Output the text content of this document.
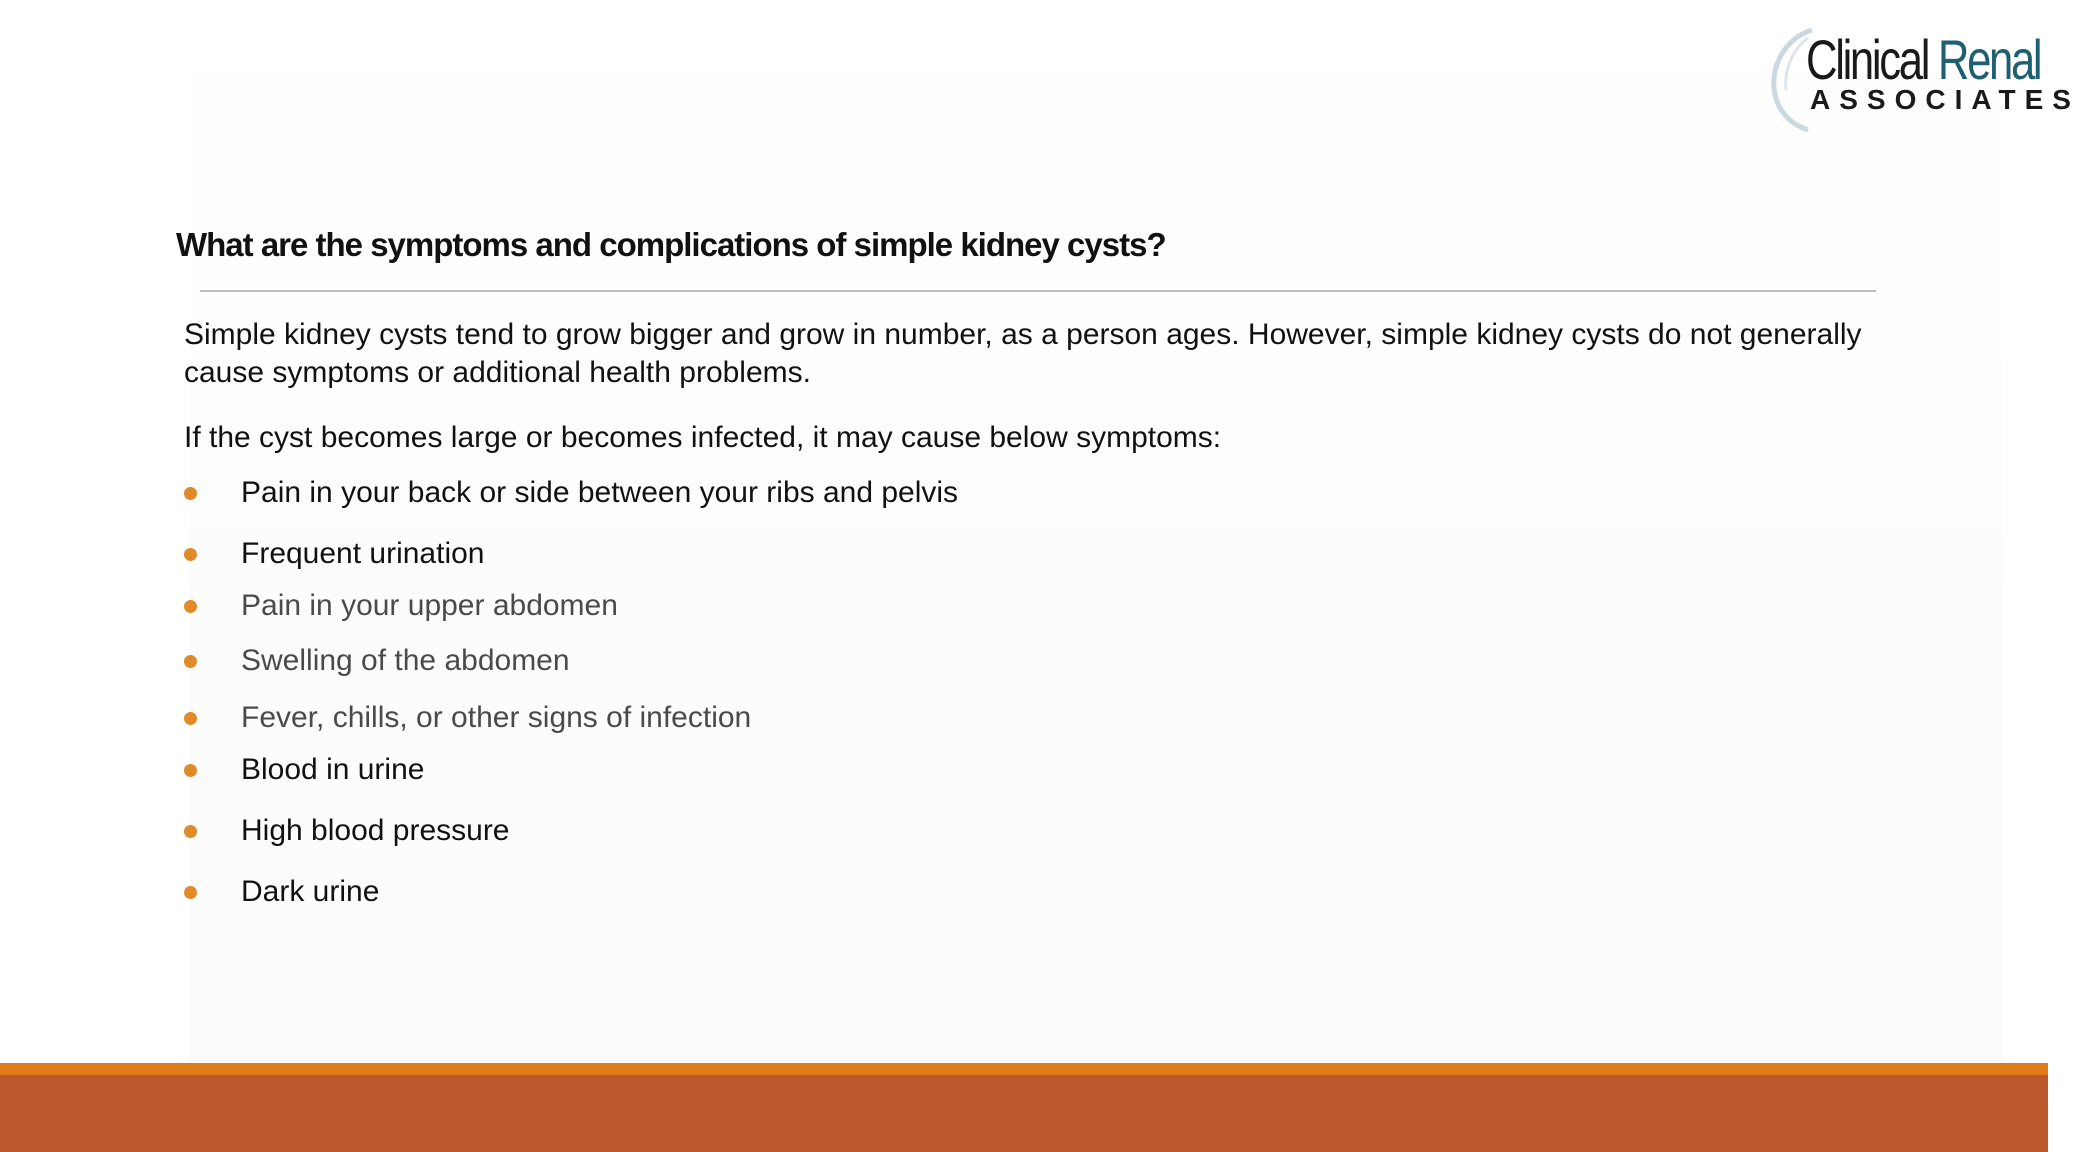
Clinical Renal
ASSOCIATES
What are the symptoms and complications of simple kidney cysts?

Simple kidney cysts tend to grow bigger and grow in number, as a person ages. However, simple kidney cysts do not generally cause symptoms or additional health problems.

If the cyst becomes large or becomes infected, it may cause below symptoms:

Pain in your back or side between your ribs and pelvis
Frequent urination
Pain in your upper abdomen
Swelling of the abdomen
Fever, chills, or other signs of infection
Blood in urine
High blood pressure
Dark urine
